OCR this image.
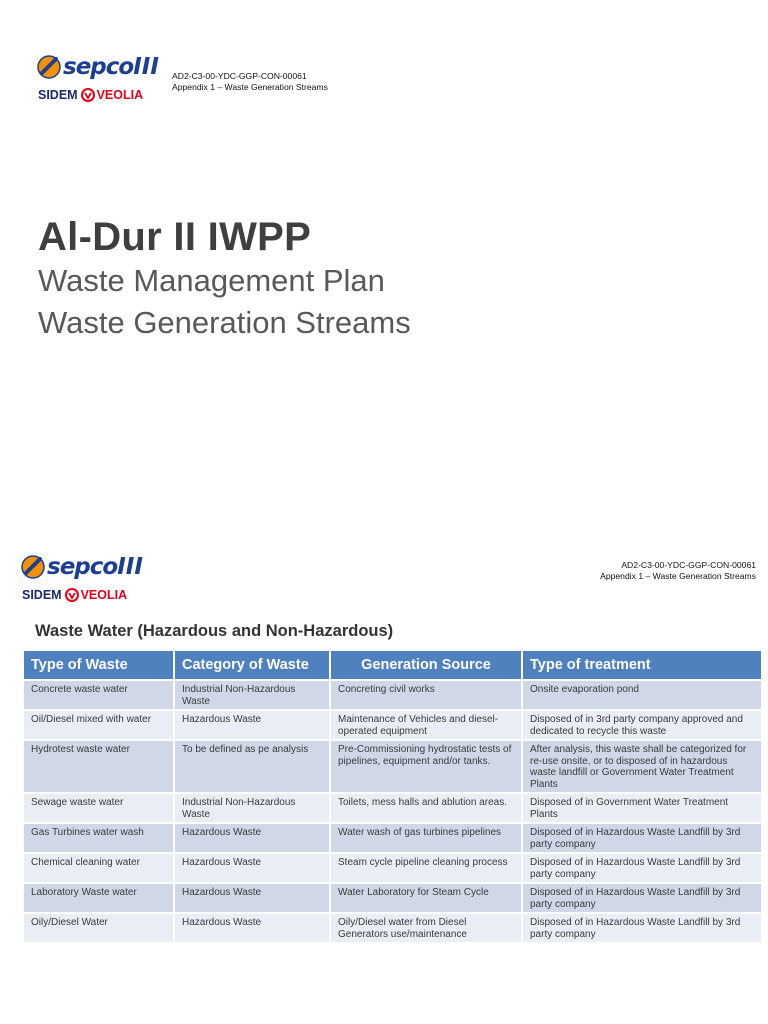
sepcoIII
SIDEM VEOLIA
AD2-C3-00-YDC-GGP-CON-00061
Appendix 1 – Waste Generation Streams
Al-Dur II IWPP
Waste Management Plan
Waste Generation Streams
sepcoIII
SIDEM VEOLIA
AD2-C3-00-YDC-GGP-CON-00061
Appendix 1 – Waste Generation Streams
Waste Water (Hazardous and Non-Hazardous)
Type of Waste	Category of Waste	Generation Source	Type of treatment
Concrete waste water	Industrial Non-Hazardous Waste	Concreting civil works	Onsite evaporation pond
Oil/Diesel mixed with water	Hazardous Waste	Maintenance of Vehicles and diesel-operated equipment	Disposed of in 3rd party company approved and dedicated to recycle this waste
Hydrotest waste water	To be defined as pe analysis	Pre-Commissioning hydrostatic tests of pipelines, equipment and/or tanks.	After analysis, this waste shall be categorized for re-use onsite, or to disposed of in hazardous waste landfill or Government Water Treatment Plants
Sewage waste water	Industrial Non-Hazardous Waste	Toilets, mess halls and ablution areas.	Disposed of in Government Water Treatment Plants
Gas Turbines water wash	Hazardous Waste	Water wash of gas turbines pipelines	Disposed of in Hazardous Waste Landfill by 3rd party company
Chemical cleaning water	Hazardous Waste	Steam cycle pipeline cleaning process	Disposed of in Hazardous Waste Landfill by 3rd party company
Laboratory Waste water	Hazardous Waste	Water Laboratory for Steam Cycle	Disposed of in Hazardous Waste Landfill by 3rd party company
Oily/Diesel Water	Hazardous Waste	Oily/Diesel water from Diesel Generators use/maintenance	Disposed of in Hazardous Waste Landfill by 3rd party company
